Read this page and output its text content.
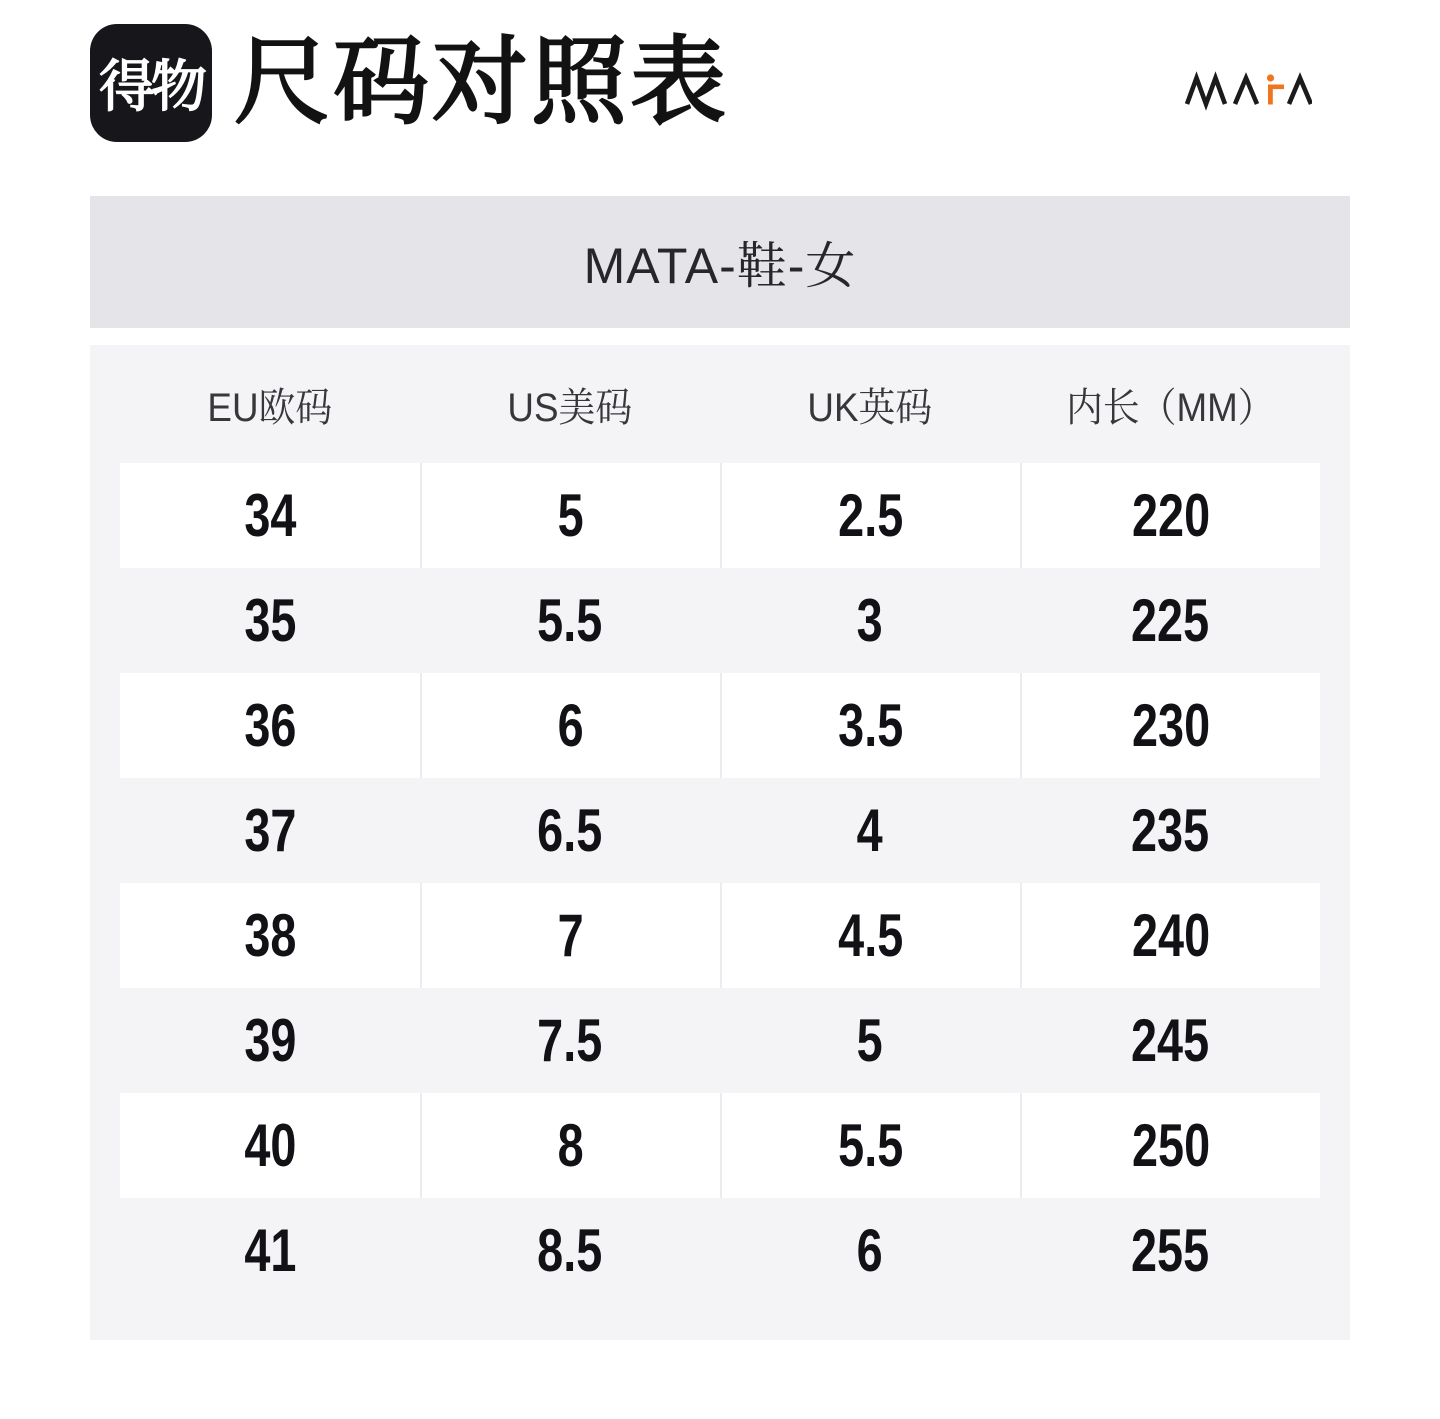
得物 尺码对照表
MATA-鞋-女
EU欧码	US美码	UK英码	内长（MM）
34	5	2.5	220
35	5.5	3	225
36	6	3.5	230
37	6.5	4	235
38	7	4.5	240
39	7.5	5	245
40	8	5.5	250
41	8.5	6	255
